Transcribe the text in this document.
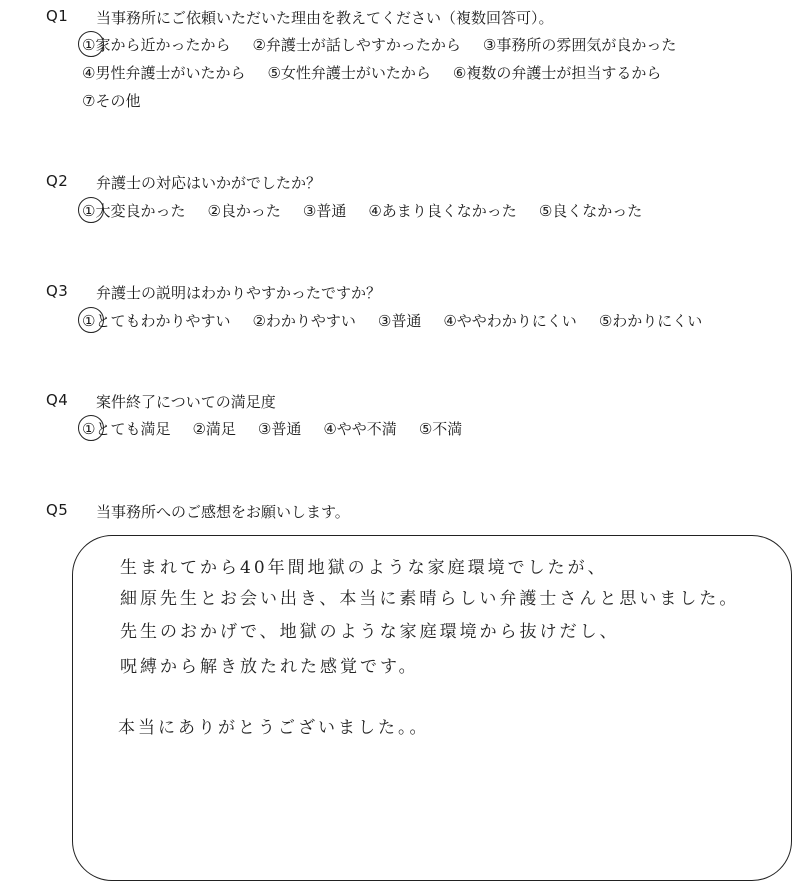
Q1 当事務所にご依頼いただいた理由を教えてください（複数回答可）。
①家から近かったから ②弁護士が話しやすかったから ③事務所の雰囲気が良かった
④男性弁護士がいたから ⑤女性弁護士がいたから ⑥複数の弁護士が担当するから
⑦その他
Q2 弁護士の対応はいかがでしたか？
①大変良かった ②良かった ③普通 ④あまり良くなかった ⑤良くなかった
Q3 弁護士の説明はわかりやすかったですか？
①とてもわかりやすい ②わかりやすい ③普通 ④ややわかりにくい ⑤わかりにくい
Q4 案件終了についての満足度
①とても満足 ②満足 ③普通 ④やや不満 ⑤不満
Q5 当事務所へのご感想をお願いします。
生まれてから40年間地獄のような家庭環境でしたが、
細原先生とお会い出き、本当に素晴らしい弁護士さんと思いました。
先生のおかげで、地獄のような家庭環境から抜けだし、
呪縛から解き放たれた感覚です。
本当にありがとうございました。。
